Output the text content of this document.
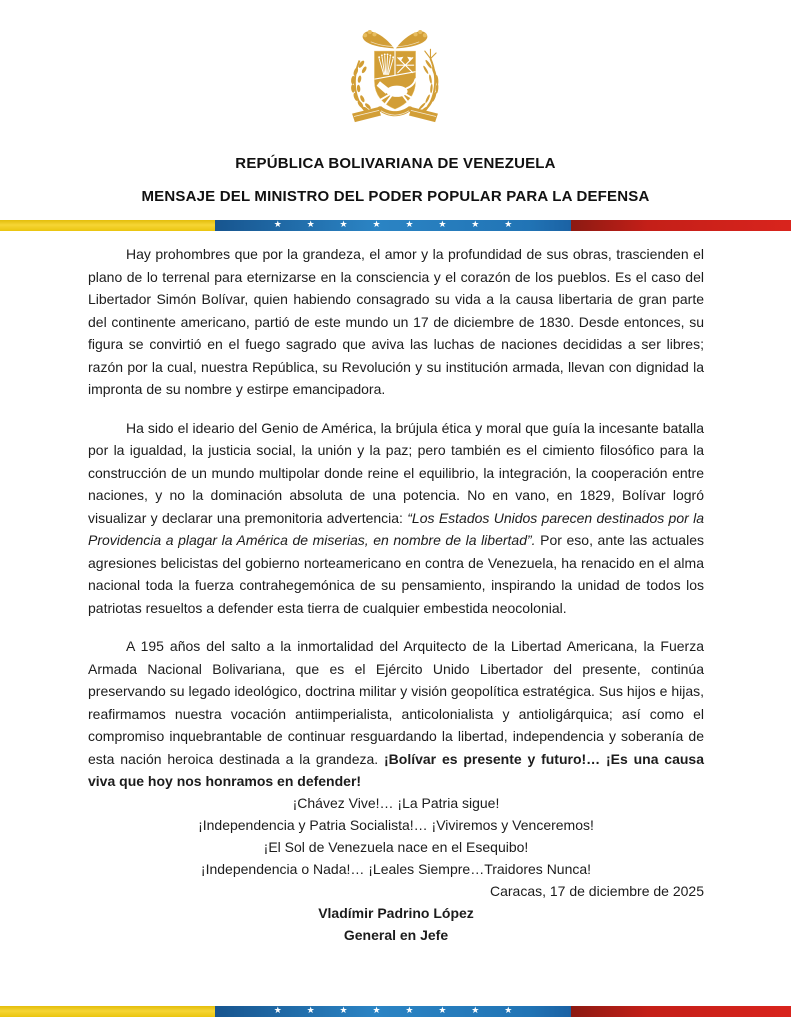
REPÚBLICA BOLIVARIANA DE VENEZUELA
MENSAJE DEL MINISTRO DEL PODER POPULAR PARA LA DEFENSA
★ ★ ★ ★ ★ ★ ★ ★

Hay prohombres que por la grandeza, el amor y la profundidad de sus obras, trascienden el plano de lo terrenal para eternizarse en la consciencia y el corazón de los pueblos. Es el caso del Libertador Simón Bolívar, quien habiendo consagrado su vida a la causa libertaria de gran parte del continente americano, partió de este mundo un 17 de diciembre de 1830. Desde entonces, su figura se convirtió en el fuego sagrado que aviva las luchas de naciones decididas a ser libres; razón por la cual, nuestra República, su Revolución y su institución armada, llevan con dignidad la impronta de su nombre y estirpe emancipadora.

Ha sido el ideario del Genio de América, la brújula ética y moral que guía la incesante batalla por la igualdad, la justicia social, la unión y la paz; pero también es el cimiento filosófico para la construcción de un mundo multipolar donde reine el equilibrio, la integración, la cooperación entre naciones, y no la dominación absoluta de una potencia. No en vano, en 1829, Bolívar logró visualizar y declarar una premonitoria advertencia: “Los Estados Unidos parecen destinados por la Providencia a plagar la América de miserias, en nombre de la libertad”. Por eso, ante las actuales agresiones belicistas del gobierno norteamericano en contra de Venezuela, ha renacido en el alma nacional toda la fuerza contrahegemónica de su pensamiento, inspirando la unidad de todos los patriotas resueltos a defender esta tierra de cualquier embestida neocolonial.

A 195 años del salto a la inmortalidad del Arquitecto de la Libertad Americana, la Fuerza Armada Nacional Bolivariana, que es el Ejército Unido Libertador del presente, continúa preservando su legado ideológico, doctrina militar y visión geopolítica estratégica. Sus hijos e hijas, reafirmamos nuestra vocación antiimperialista, anticolonialista y antioligárquica; así como el compromiso inquebrantable de continuar resguardando la libertad, independencia y soberanía de esta nación heroica destinada a la grandeza. ¡Bolívar es presente y futuro!… ¡Es una causa viva que hoy nos honramos en defender!

¡Chávez Vive!… ¡La Patria sigue!
¡Independencia y Patria Socialista!… ¡Viviremos y Venceremos!
¡El Sol de Venezuela nace en el Esequibo!
¡Independencia o Nada!… ¡Leales Siempre…Traidores Nunca!
Caracas, 17 de diciembre de 2025
Vladímir Padrino López
General en Jefe
★ ★ ★ ★ ★ ★ ★ ★
